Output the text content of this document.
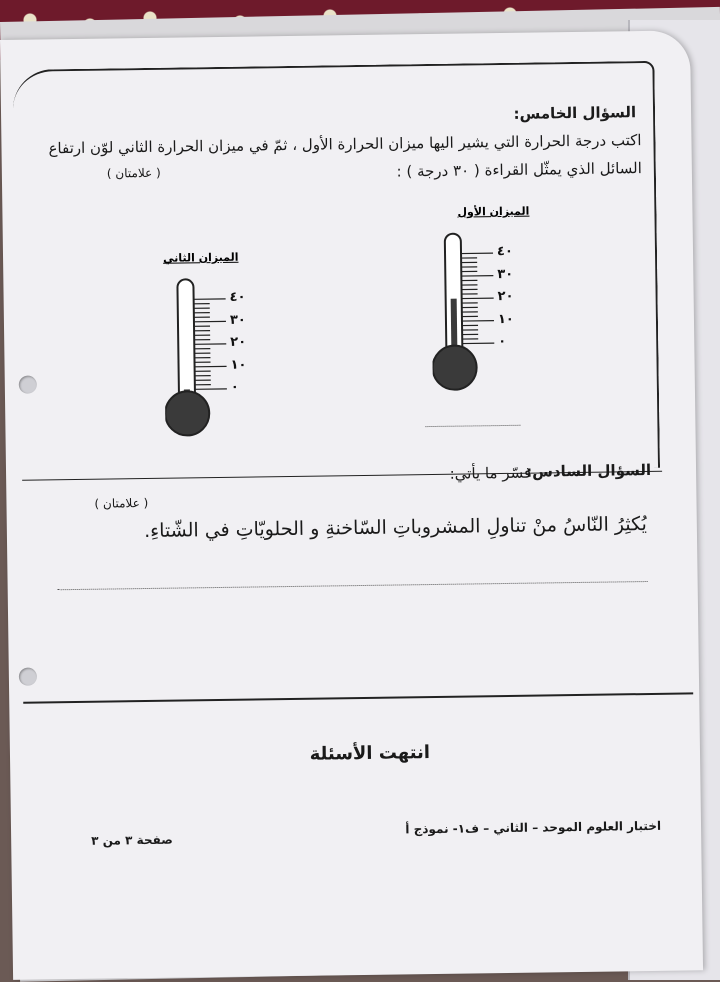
السؤال الخامس:
اكتب درجة الحرارة التي يشير اليها ميزان الحرارة الأول ، ثمّ في ميزان الحرارة الثاني لوّن ارتفاع
السائل الذي يمثّل القراءة ( ٣٠ درجة ) :
( علامتان )
الميزان الأول
٤٠
٣٠
٢٠
١٠
٠
الميزان الثاني
٤٠
٣٠
٢٠
١٠
٠
السؤال السادس:
فسّر ما يأتي:
( علامتان )
يُكثِرُ النّاسُ منْ تناولِ المشروباتِ السّاخنةِ و الحلويّاتِ في الشّتاءِ.
انتهت الأسئلة
اختبار العلوم الموحد – الثاني – ف١- نموذج أ
صفحة ٣ من ٣
